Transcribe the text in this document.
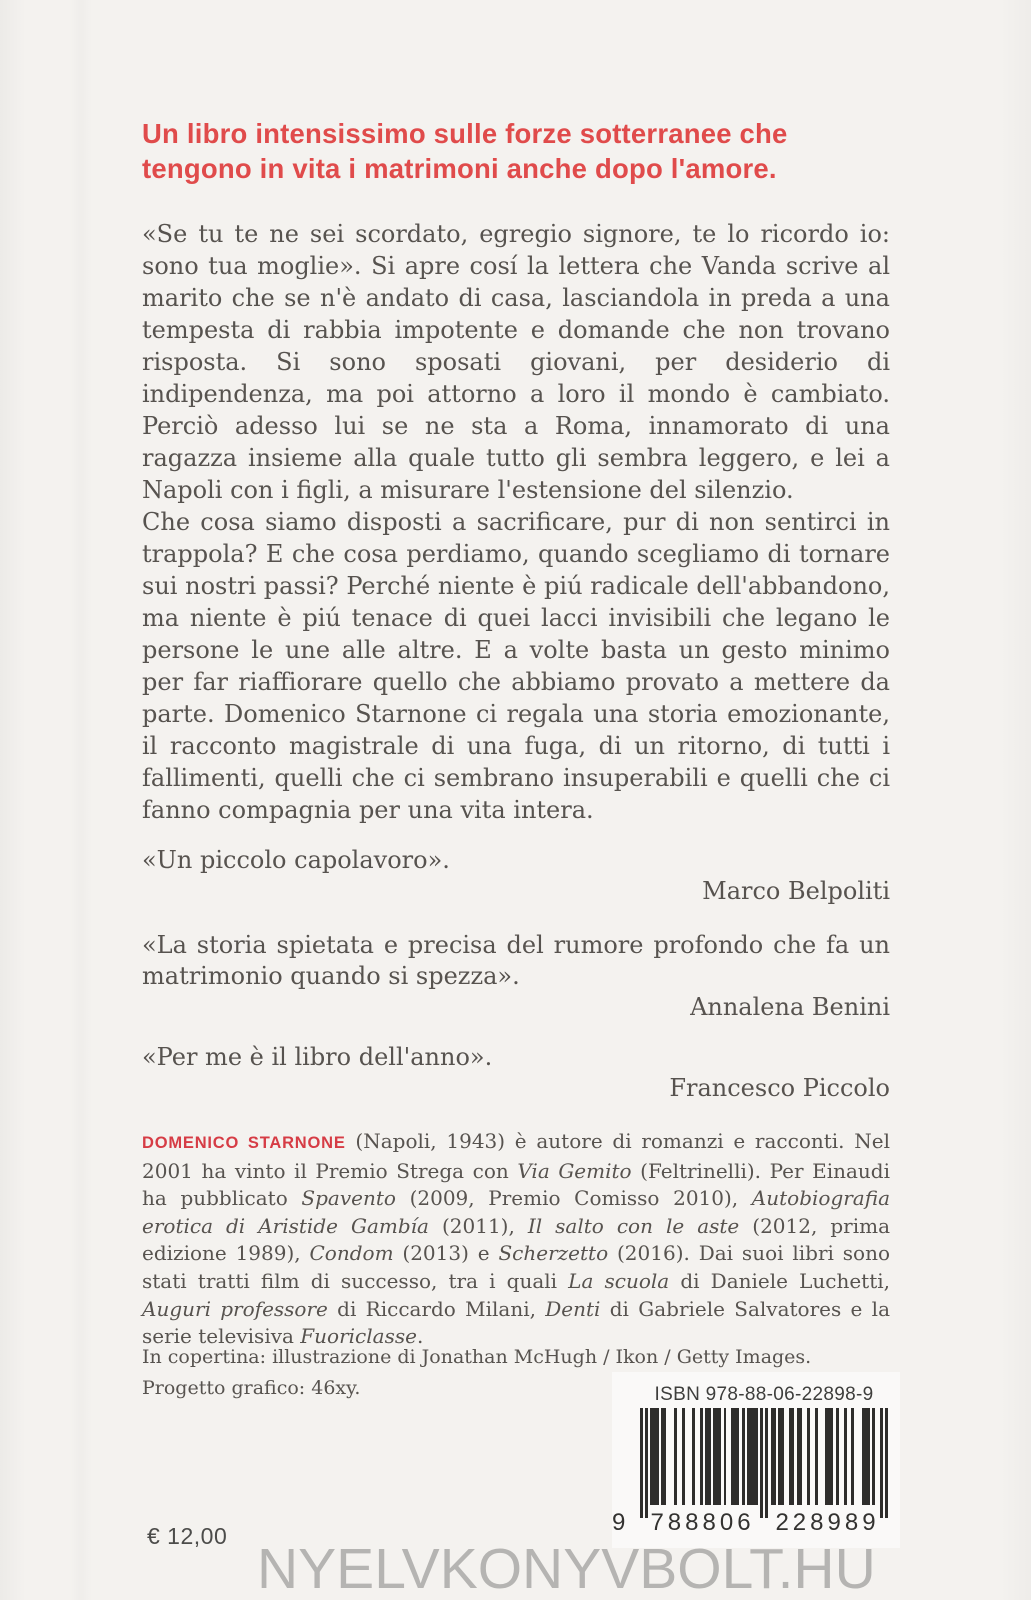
Un libro intensissimo sulle forze sotterranee che
tengono in vita i matrimoni anche dopo l'amore.

«Se tu te ne sei scordato, egregio signore, te lo ricordo io: sono tua moglie». Si apre cosí la lettera che Vanda scrive al marito che se n'è andato di casa, lasciandola in preda a una tempesta di rabbia impotente e domande che non trovano risposta. Si sono sposati giovani, per desiderio di indipendenza, ma poi attorno a loro il mondo è cambiato. Perciò adesso lui se ne sta a Roma, innamorato di una ragazza insieme alla quale tutto gli sembra leggero, e lei a Napoli con i figli, a misurare l'estensione del silenzio.

Che cosa siamo disposti a sacrificare, pur di non sentirci in trappola? E che cosa perdiamo, quando scegliamo di tornare sui nostri passi? Perché niente è piú radicale dell'abbandono, ma niente è piú tenace di quei lacci invisibili che legano le persone le une alle altre. E a volte basta un gesto minimo per far riaffiorare quello che abbiamo provato a mettere da parte. Domenico Starnone ci regala una storia emozionante, il racconto magistrale di una fuga, di un ritorno, di tutti i fallimenti, quelli che ci sembrano insuperabili e quelli che ci fanno compagnia per una vita intera.

«Un piccolo capolavoro».

Marco Belpoliti

«La storia spietata e precisa del rumore profondo che fa un matrimonio quando si spezza».

Annalena Benini

«Per me è il libro dell'anno».

Francesco Piccolo

DOMENICO STARNONE (Napoli, 1943) è autore di romanzi e racconti. Nel 2001 ha vinto il Premio Strega con Via Gemito (Feltrinelli). Per Einaudi ha pubblicato Spavento (2009, Premio Comisso 2010), Autobiografia erotica di Aristide Gambía (2011), Il salto con le aste (2012, prima edizione 1989), Condom (2013) e Scherzetto (2016). Dai suoi libri sono stati tratti film di successo, tra i quali La scuola di Daniele Luchetti, Auguri professore di Riccardo Milani, Denti di Gabriele Salvatores e la serie televisiva Fuoriclasse.

In copertina: illustrazione di Jonathan McHugh / Ikon / Getty Images.

Progetto grafico: 46xy.	ISBN 978-88-06-22898-9
9	788806 228989
€ 12,00
NYELVKONYVBOLT.HU
